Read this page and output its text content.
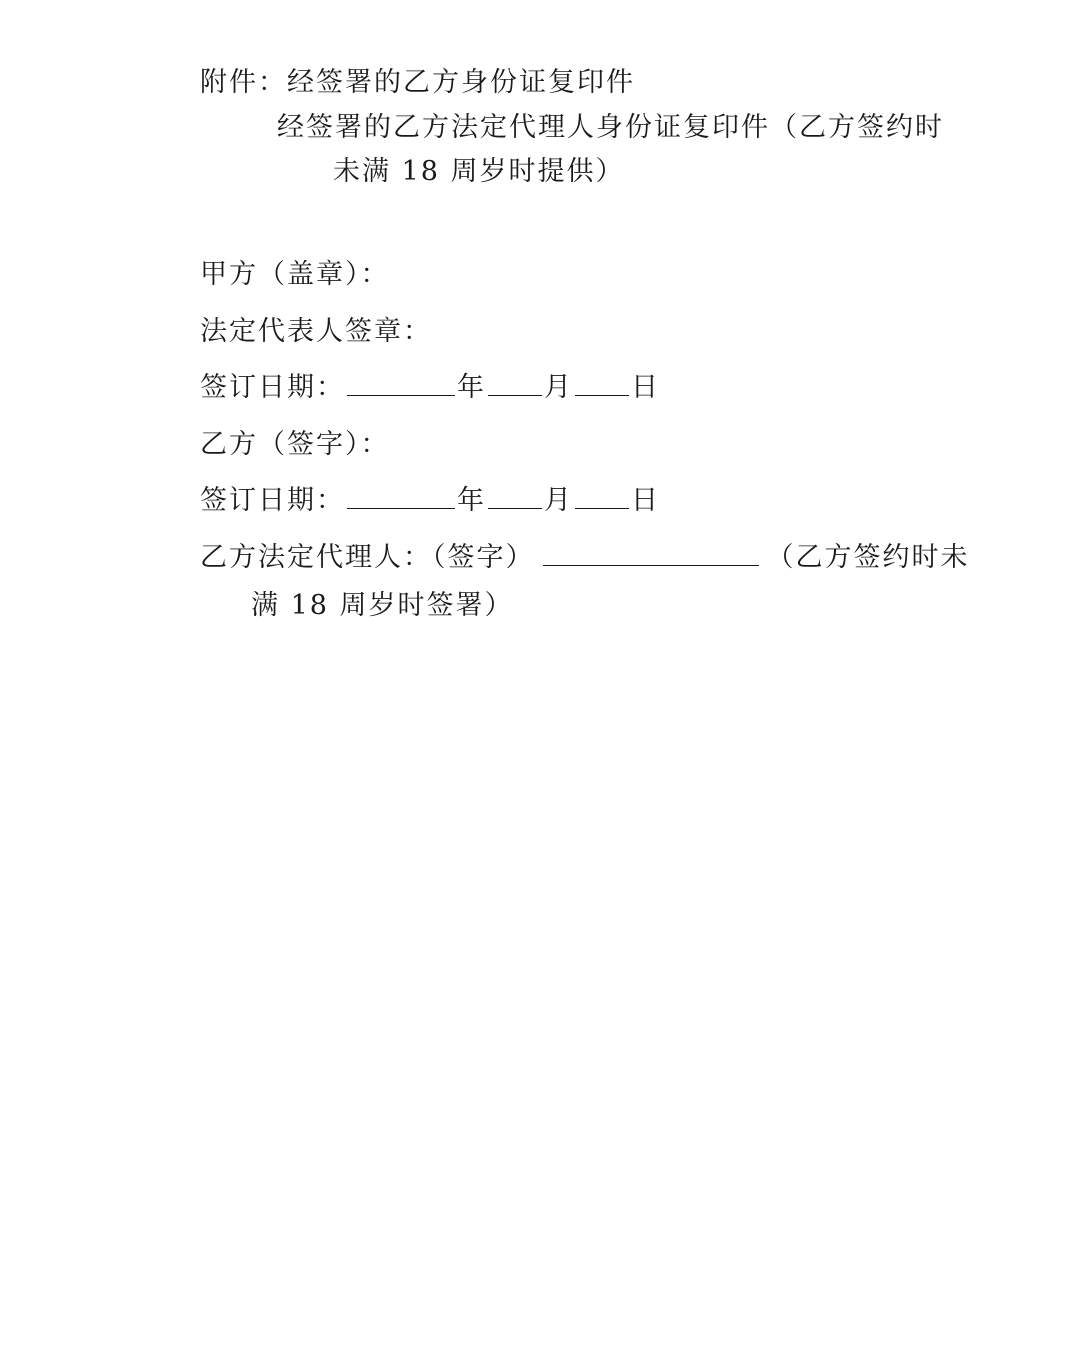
附件：经签署的乙方身份证复印件
经签署的乙方法定代理人身份证复印件（乙方签约时
未满 18 周岁时提供）
甲方（盖章）：
法定代表人签章：
签订日期：	年 月 日
乙方（签字）：
签订日期：	年 月 日
乙方法定代理人：（签字）	（乙方签约时未
满 18 周岁时签署）
